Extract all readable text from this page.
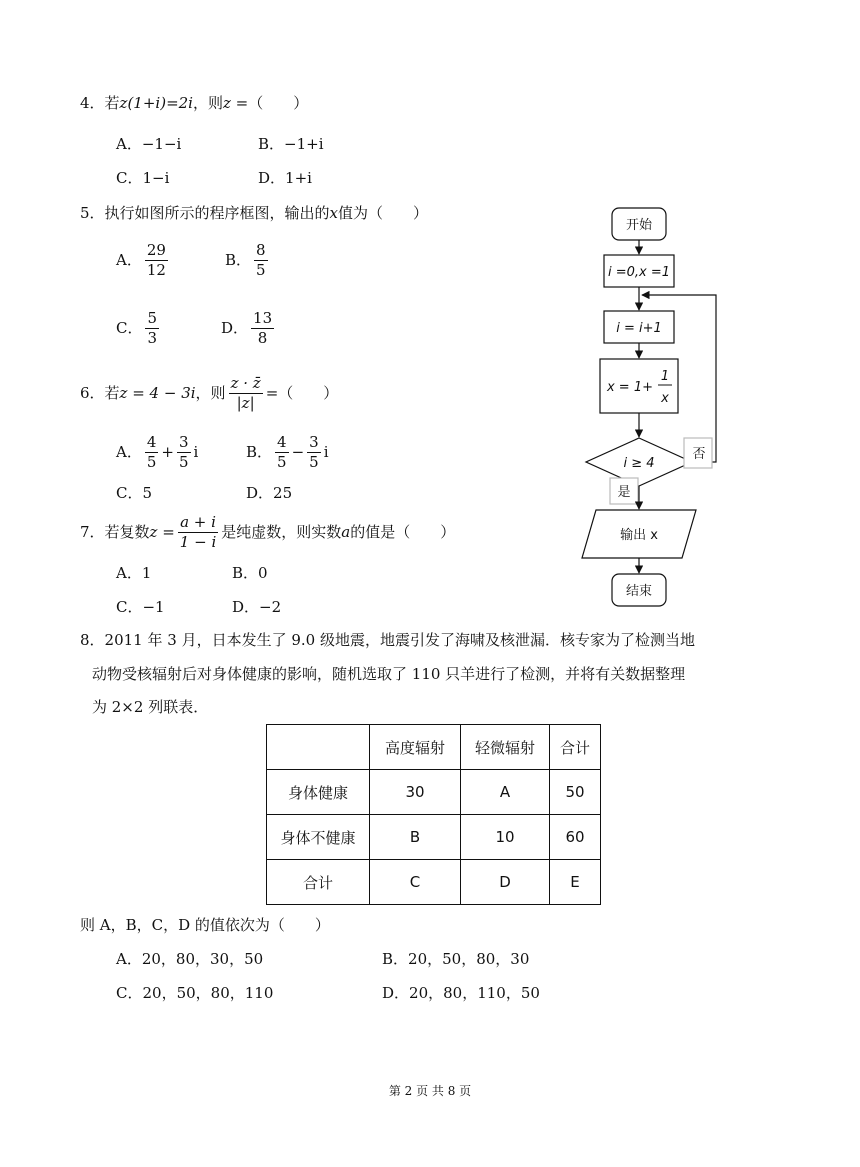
4．若z(1+i)=2i，则z =（　　）
A．−1−i	B．−1+i
C．1−i	D．1+i
5．执行如图所示的程序框图，输出的x值为（　　）
A． $\frac{29}{12}$	B． $\frac{8}{5}$
C． $\frac{5}{3}$	D． $\frac{13}{8}$
6．若z = 4 − 3i，则 $\frac{z \cdot z̄}{|z|}$ =（　　）
A． $\frac{4}{5} + \frac{3}{5}$ i	B． $\frac{4}{5} - \frac{3}{5}$ i
C．5	D．25
7．若复数$z = \frac{a + i}{1 - i}$ 是纯虚数，则实数a的值是（　　）
A．1	B．0
C．−1	D．−2
开始
i =0,x =1
i = i+1
x = 1+
1
x
i ≥ 4
否
是
输出 x
结束
8．2011 年 3 月，日本发生了 9.0 级地震，地震引发了海啸及核泄漏．核专家为了检测当地
动物受核辐射后对身体健康的影响，随机选取了 110 只羊进行了检测，并将有关数据整理
为 2×2 列联表．
	高度辐射	轻微辐射	合计
身体健康	30	A	50
身体不健康	B	10	60
合计	C	D	E
则 A，B，C，D 的值依次为（　　）
A．20，80，30，50	B．20，50，80，30
C．20，50，80，110	D．20，80，110，50
第 2 页 共 8 页
